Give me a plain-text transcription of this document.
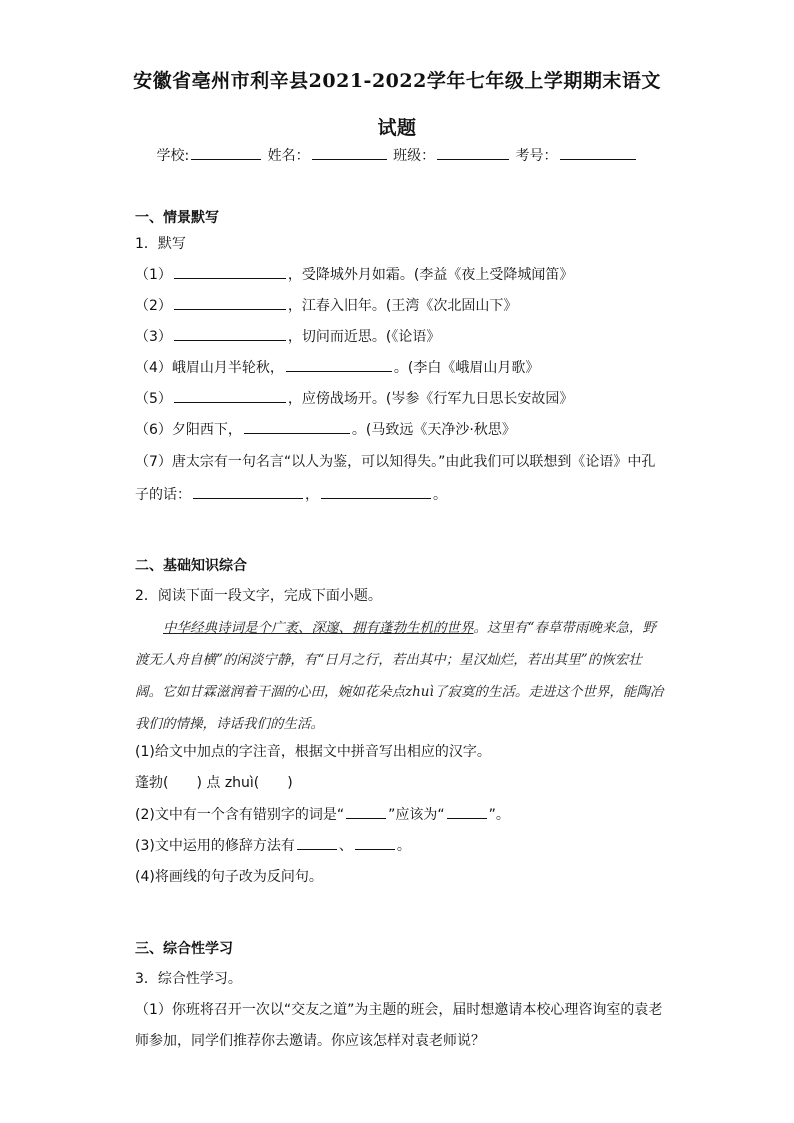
安徽省亳州市利辛县2021-2022学年七年级上学期期末语文
试题
学校:	姓名：	班级：	考号：
一、情景默写
1．默写
（1）	，受降城外月如霜。(李益《夜上受降城闻笛》
（2）	，江春入旧年。(王湾《次北固山下》
（3）	，切问而近思。(《论语》
（4）峨眉山月半轮秋，	。(李白《峨眉山月歌》
（5）	，应傍战场开。(岑参《行军九日思长安故园》
（6）夕阳西下，	。(马致远《天净沙·秋思》
（7）唐太宗有一句名言“以人为鉴，可以知得失。”由此我们可以联想到《论语》中孔
子的话：	，	。
二、基础知识综合
2．阅读下面一段文字，完成下面小题。
中华经典诗词是个广袤、深邃、拥有蓬勃生机的世界。这里有“春草带雨晚来急，野渡无人舟自横”的闲淡宁静，有“日月之行，若出其中；星汉灿烂，若出其里”的恢宏壮阔。它如甘霖滋润着干涸的心田，婉如花朵点zhuì了寂寞的生活。走进这个世界，能陶冶我们的情操，诗话我们的生活。
(1)给文中加点的字注音，根据文中拼音写出相应的汉字。
蓬勃(　　) 点 zhuì(　　)
(2)文中有一个含有错别字的词是“	”应该为“	”。
(3)文中运用的修辞方法有	、	。
(4)将画线的句子改为反问句。
三、综合性学习
3．综合性学习。
（1）你班将召开一次以“交友之道”为主题的班会，届时想邀请本校心理咨询室的袁老师参加，同学们推荐你去邀请。你应该怎样对袁老师说？
